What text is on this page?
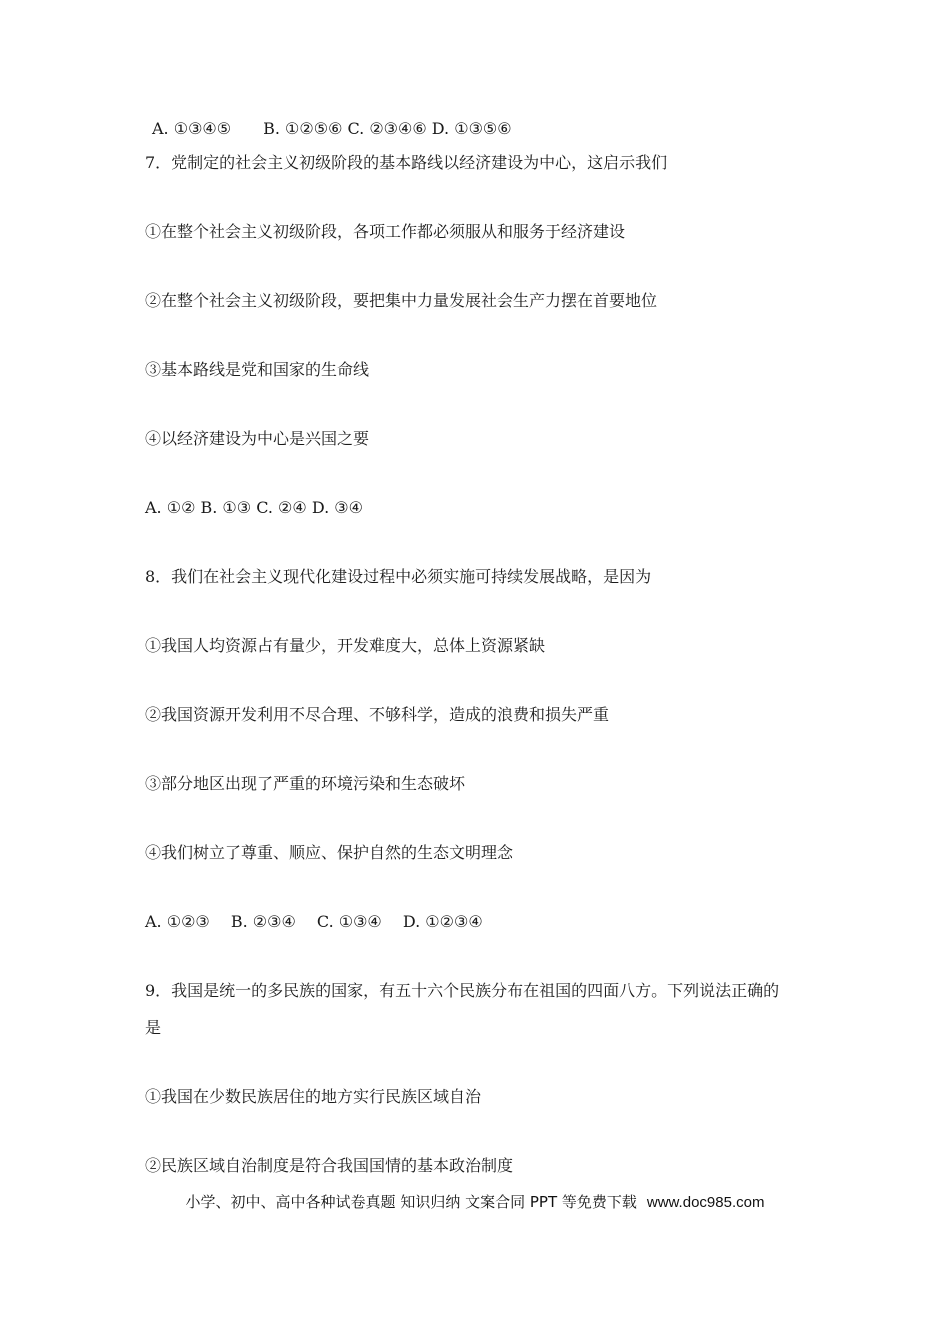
A. ①③④⑤　　B. ①②⑤⑥ C. ②③④⑥ D. ①③⑤⑥
7．党制定的社会主义初级阶段的基本路线以经济建设为中心，这启示我们
①在整个社会主义初级阶段，各项工作都必须服从和服务于经济建设
②在整个社会主义初级阶段，要把集中力量发展社会生产力摆在首要地位
③基本路线是党和国家的生命线
④以经济建设为中心是兴国之要
A. ①② B. ①③ C. ②④ D. ③④
8．我们在社会主义现代化建设过程中必须实施可持续发展战略，是因为
①我国人均资源占有量少，开发难度大，总体上资源紧缺
②我国资源开发利用不尽合理、不够科学，造成的浪费和损失严重
③部分地区出现了严重的环境污染和生态破坏
④我们树立了尊重、顺应、保护自然的生态文明理念
A. ①②③　 B. ②③④　 C. ①③④　 D. ①②③④
9．我国是统一的多民族的国家，有五十六个民族分布在祖国的四面八方。下列说法正确的
是
①我国在少数民族居住的地方实行民族区域自治
②民族区域自治制度是符合我国国情的基本政治制度
小学、初中、高中各种试卷真题 知识归纳 文案合同 PPT 等免费下载 www.doc985.com
